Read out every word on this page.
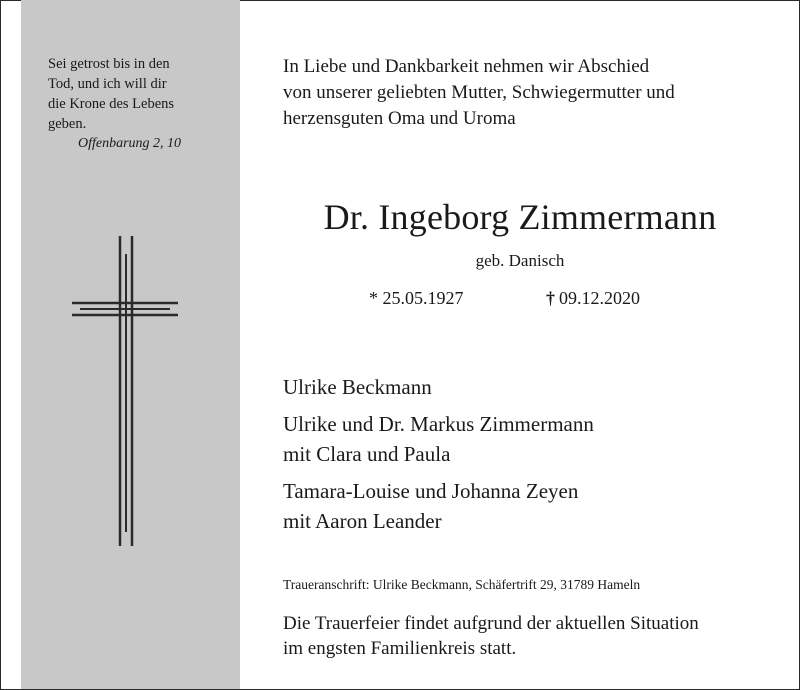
Sei getrost bis in den
Tod, und ich will dir
die Krone des Lebens
geben.
Offenbarung 2, 10
In Liebe und Dankbarkeit nehmen wir Abschied
von unserer geliebten Mutter, Schwiegermutter und
herzensguten Oma und Uroma
Dr. Ingeborg Zimmermann
geb. Danisch
* 25.05.1927	† 09.12.2020
Ulrike Beckmann
Ulrike und Dr. Markus Zimmermann
mit Clara und Paula
Tamara-Louise und Johanna Zeyen
mit Aaron Leander
Traueranschrift: Ulrike Beckmann, Schäfertrift 29, 31789 Hameln
Die Trauerfeier findet aufgrund der aktuellen Situation
im engsten Familienkreis statt.
